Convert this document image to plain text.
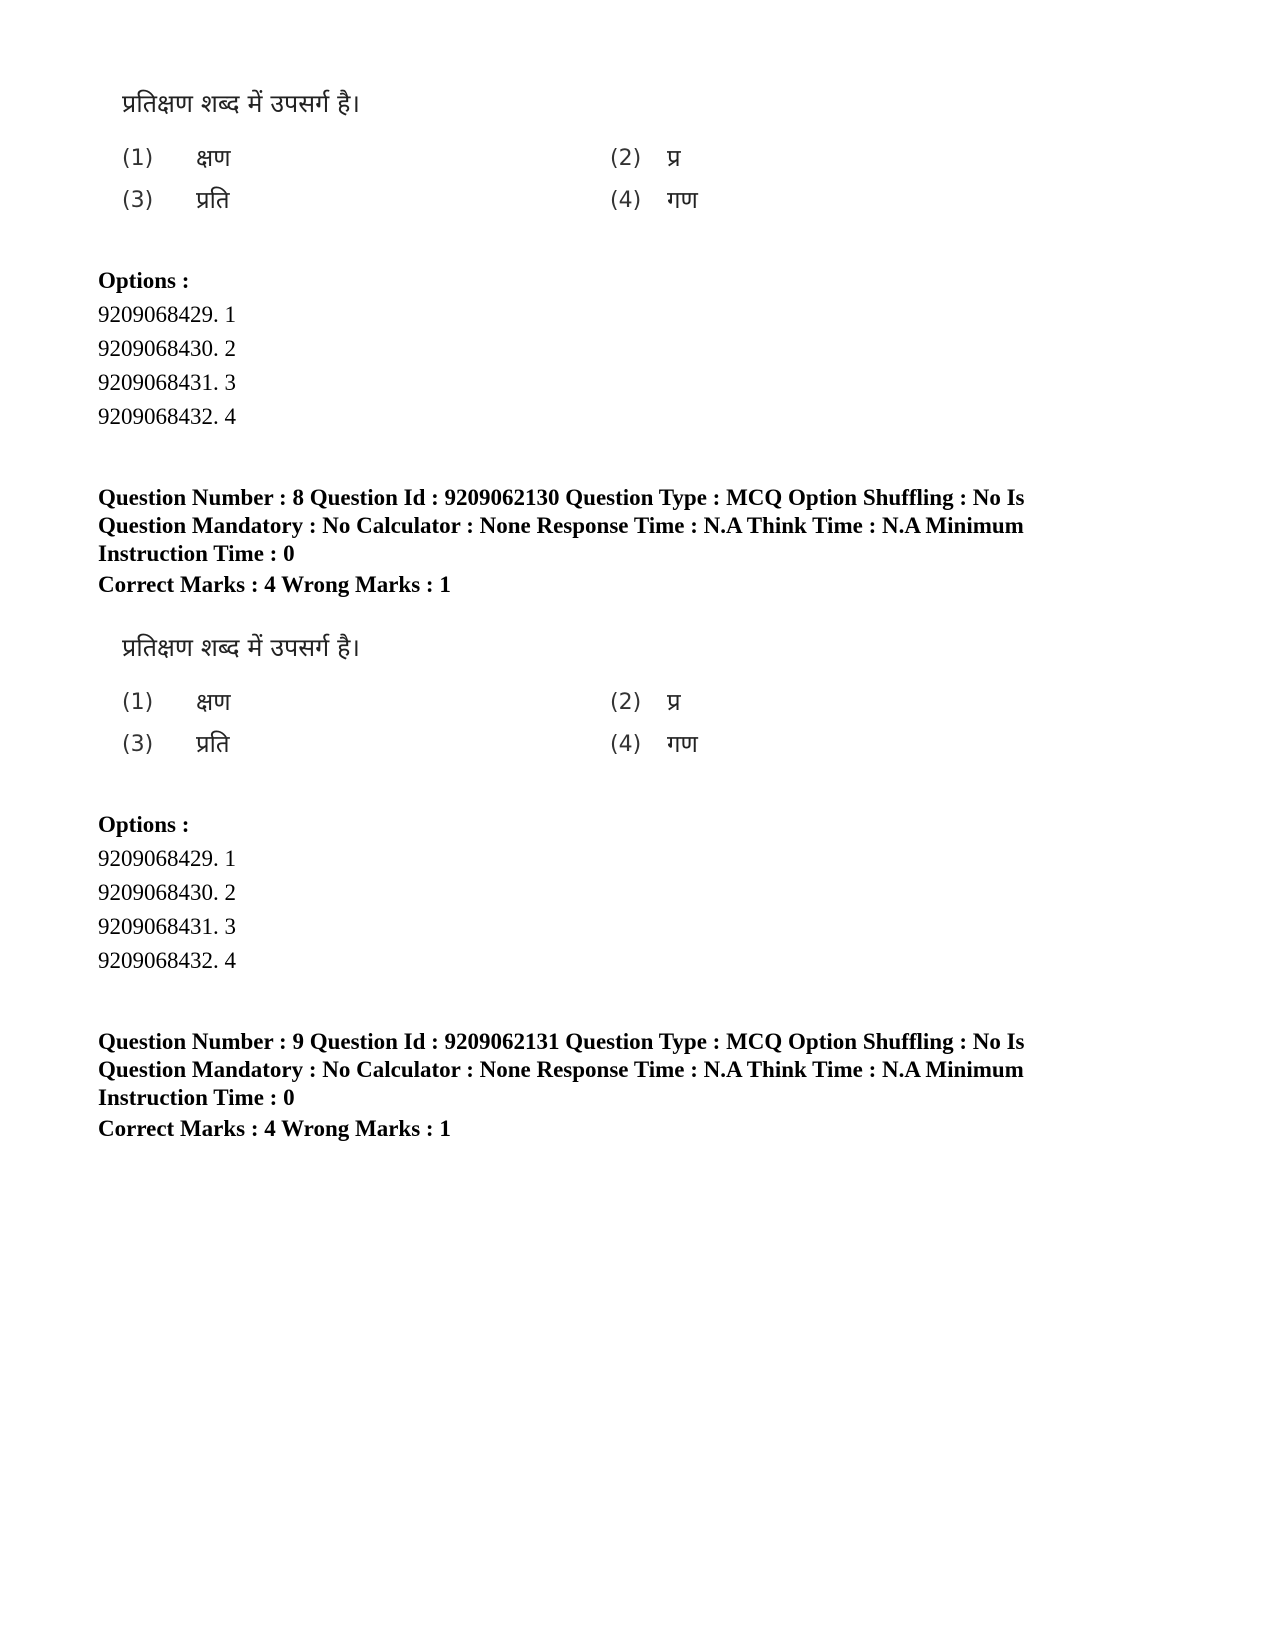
प्रतिक्षण शब्द में उपसर्ग है।
(1) क्षण	(2) प्र
(3) प्रति	(4) गण
Options :
9209068429. 1
9209068430. 2
9209068431. 3
9209068432. 4
Question Number : 8 Question Id : 9209062130 Question Type : MCQ Option Shuffling : No Is Question Mandatory : No Calculator : None Response Time : N.A Think Time : N.A Minimum Instruction Time : 0
Correct Marks : 4 Wrong Marks : 1
प्रतिक्षण शब्द में उपसर्ग है।
(1) क्षण	(2) प्र
(3) प्रति	(4) गण
Options :
9209068429. 1
9209068430. 2
9209068431. 3
9209068432. 4
Question Number : 9 Question Id : 9209062131 Question Type : MCQ Option Shuffling : No Is Question Mandatory : No Calculator : None Response Time : N.A Think Time : N.A Minimum Instruction Time : 0
Correct Marks : 4 Wrong Marks : 1
